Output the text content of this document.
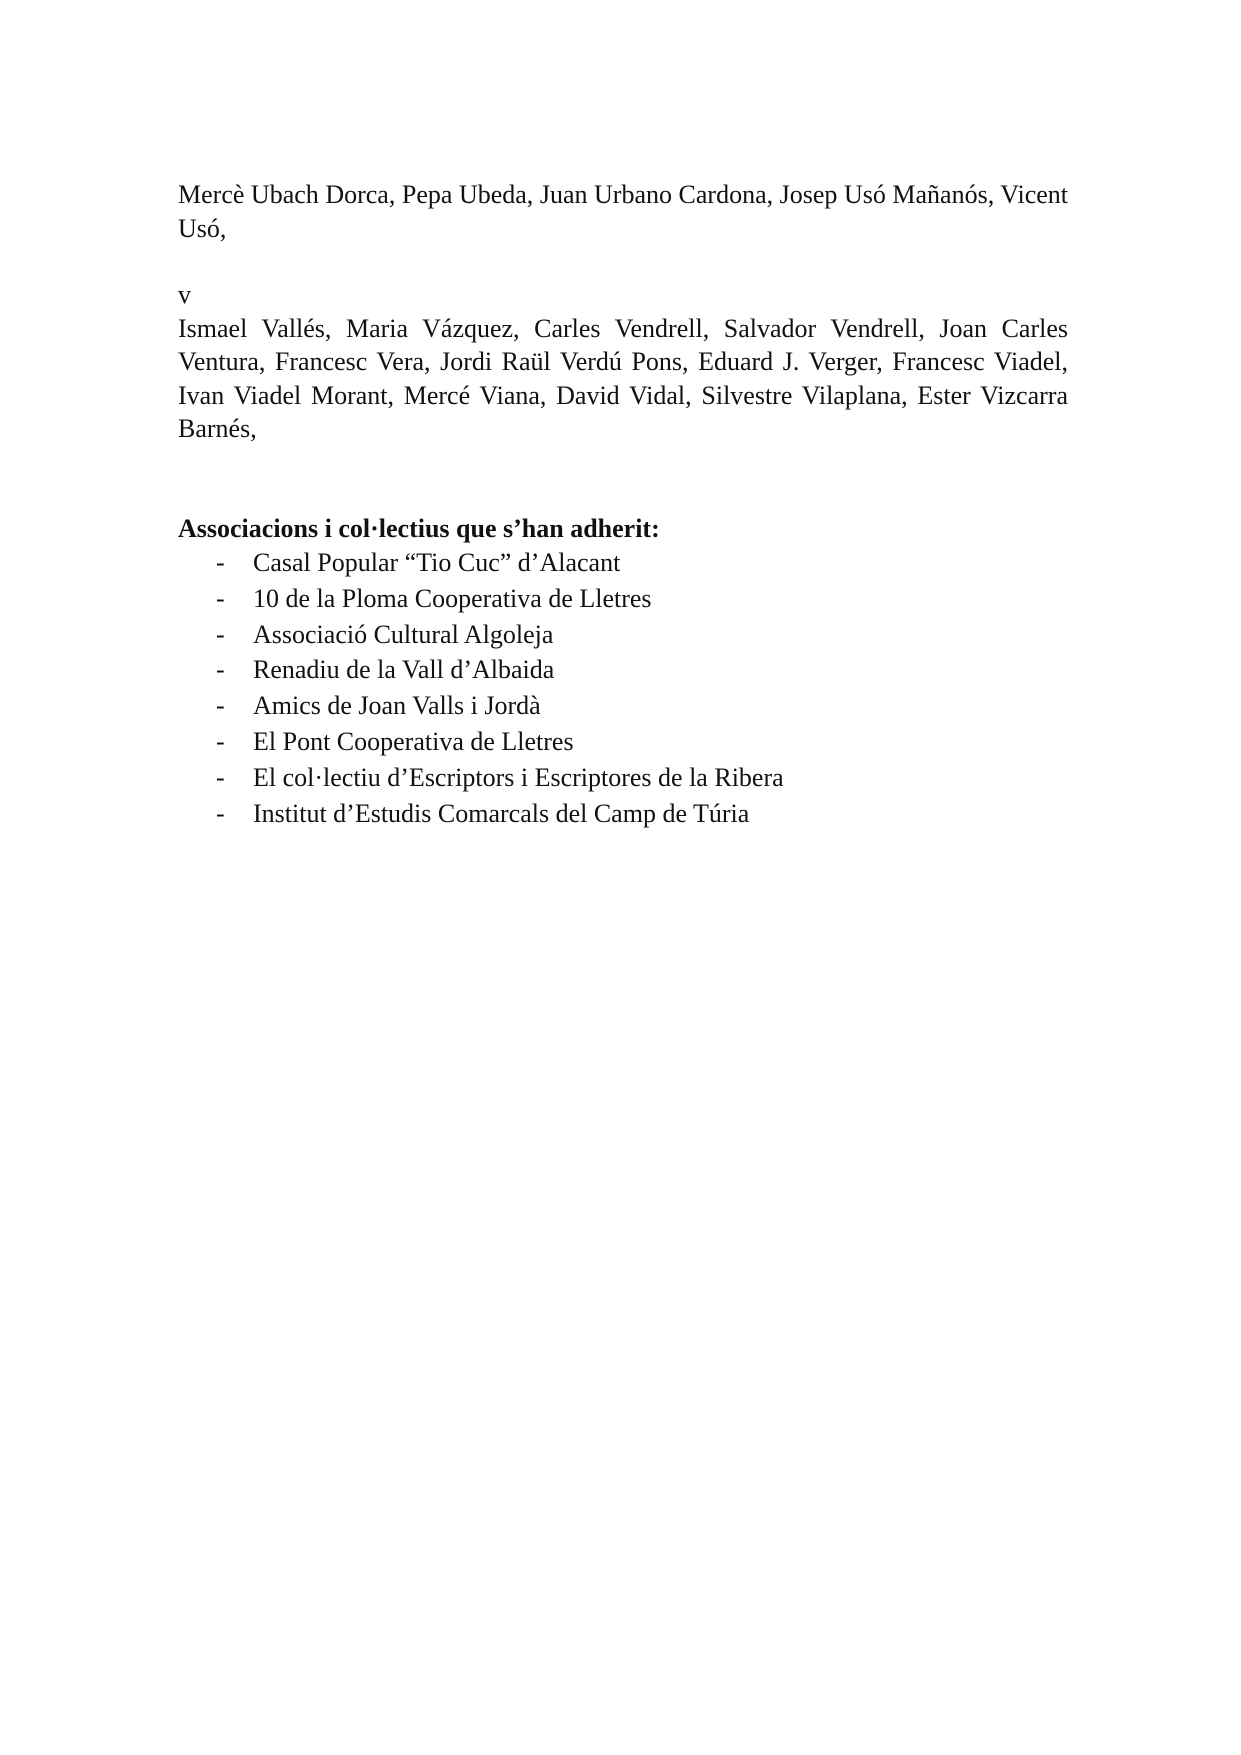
Mercè Ubach Dorca, Pepa Ubeda, Juan Urbano Cardona, Josep Usó Mañanós, Vicent Usó,

v

Ismael Vallés, Maria Vázquez, Carles Vendrell, Salvador Vendrell, Joan Carles Ventura, Francesc Vera, Jordi Raül Verdú Pons, Eduard J. Verger, Francesc Viadel, Ivan Viadel Morant, Mercé Viana, David Vidal, Silvestre Vilaplana, Ester Vizcarra Barnés,

Associacions i col·lectius que s’han adherit:

- Casal Popular “Tio Cuc” d’Alacant
- 10 de la Ploma Cooperativa de Lletres
- Associació Cultural Algoleja
- Renadiu de la Vall d’Albaida
- Amics de Joan Valls i Jordà
- El Pont Cooperativa de Lletres
- El col·lectiu d’Escriptors i Escriptores de la Ribera
- Institut d’Estudis Comarcals del Camp de Túria
